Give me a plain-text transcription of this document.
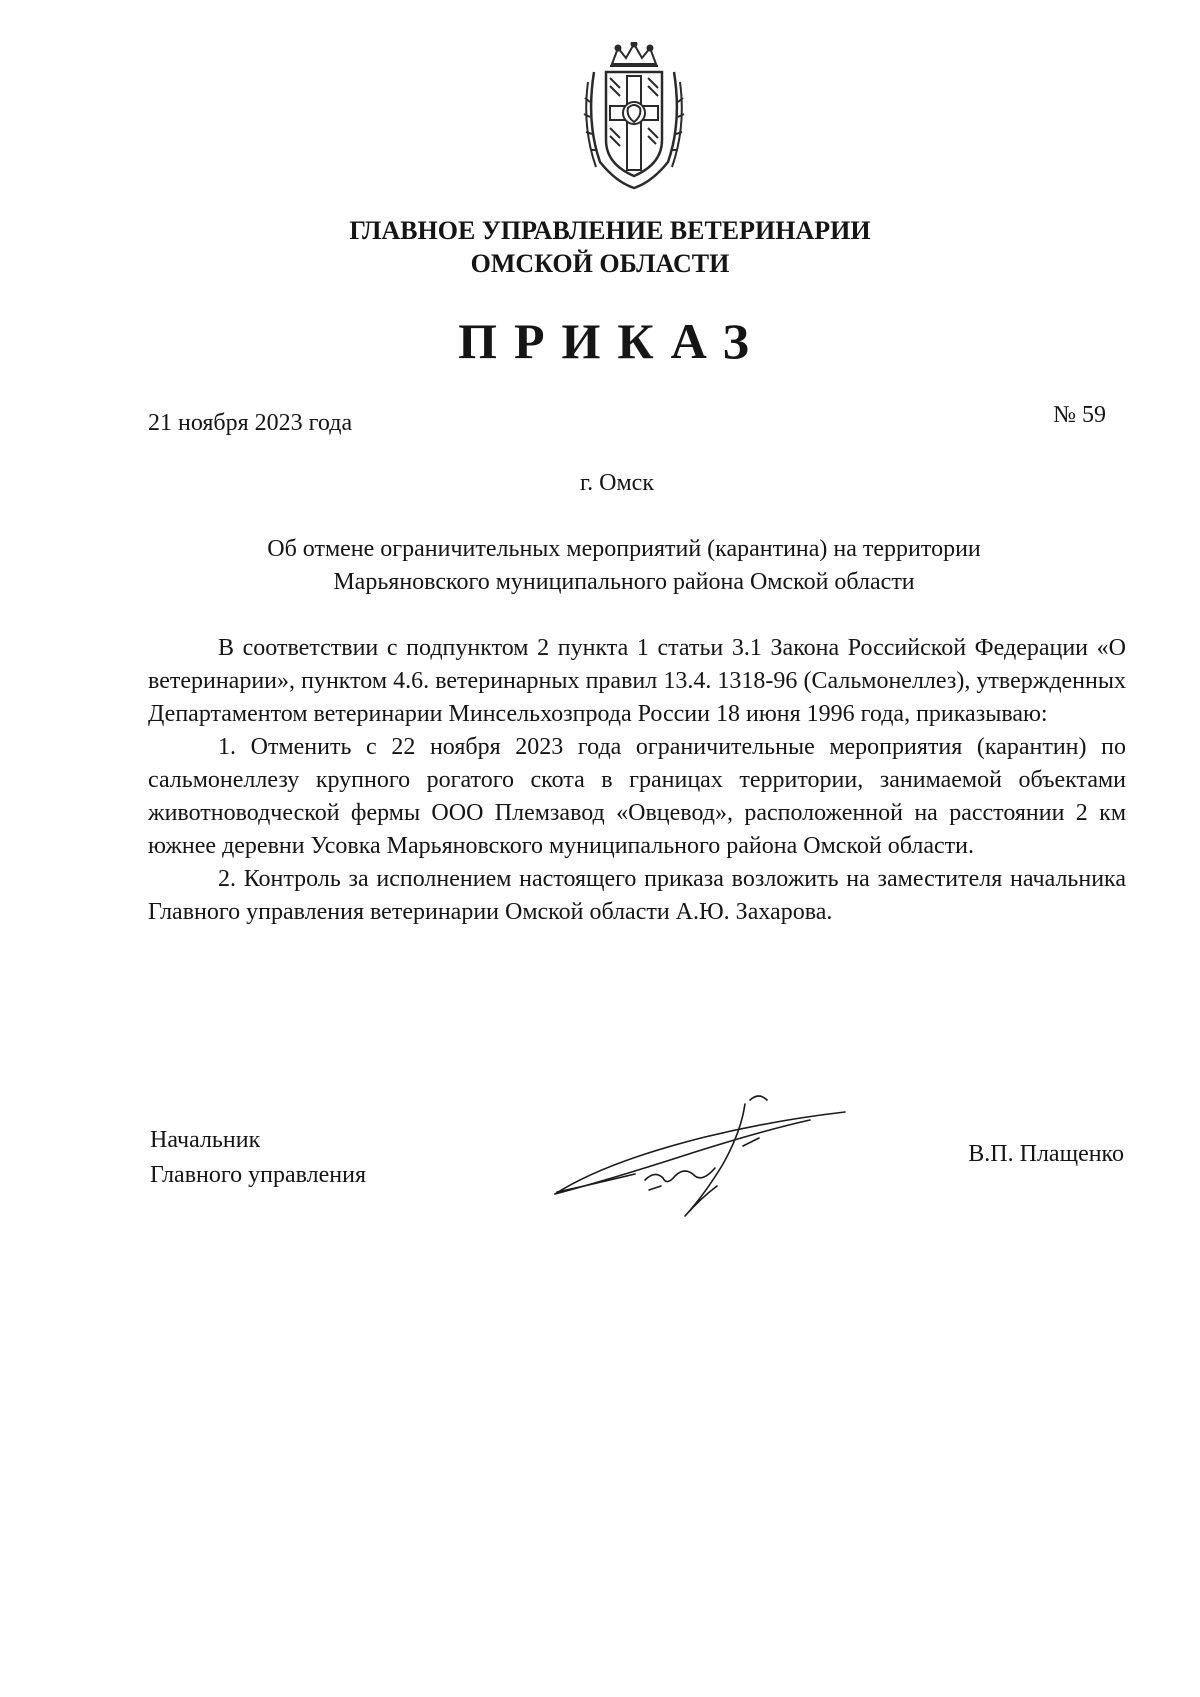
ГЛАВНОЕ УПРАВЛЕНИЕ ВЕТЕРИНАРИИ
ОМСКОЙ ОБЛАСТИ
ПРИКАЗ
21 ноября 2023 года	№ 59
г. Омск
Об отмене ограничительных мероприятий (карантина) на территории
Марьяновского муниципального района Омской области

В соответствии с подпунктом 2 пункта 1 статьи 3.1 Закона Российской Федерации «О ветеринарии», пунктом 4.6. ветеринарных правил 13.4. 1318-96 (Сальмонеллез), утвержденных Департаментом ветеринарии Минсельхозпрода России 18 июня 1996 года, приказываю:

1. Отменить с 22 ноября 2023 года ограничительные мероприятия (карантин) по сальмонеллезу крупного рогатого скота в границах территории, занимаемой объектами животноводческой фермы ООО Племзавод «Овцевод», расположенной на расстоянии 2 км южнее деревни Усовка Марьяновского муниципального района Омской области.

2. Контроль за исполнением настоящего приказа возложить на заместителя начальника Главного управления ветеринарии Омской области А.Ю. Захарова.

Начальник
Главного управления
В.П. Плащенко
